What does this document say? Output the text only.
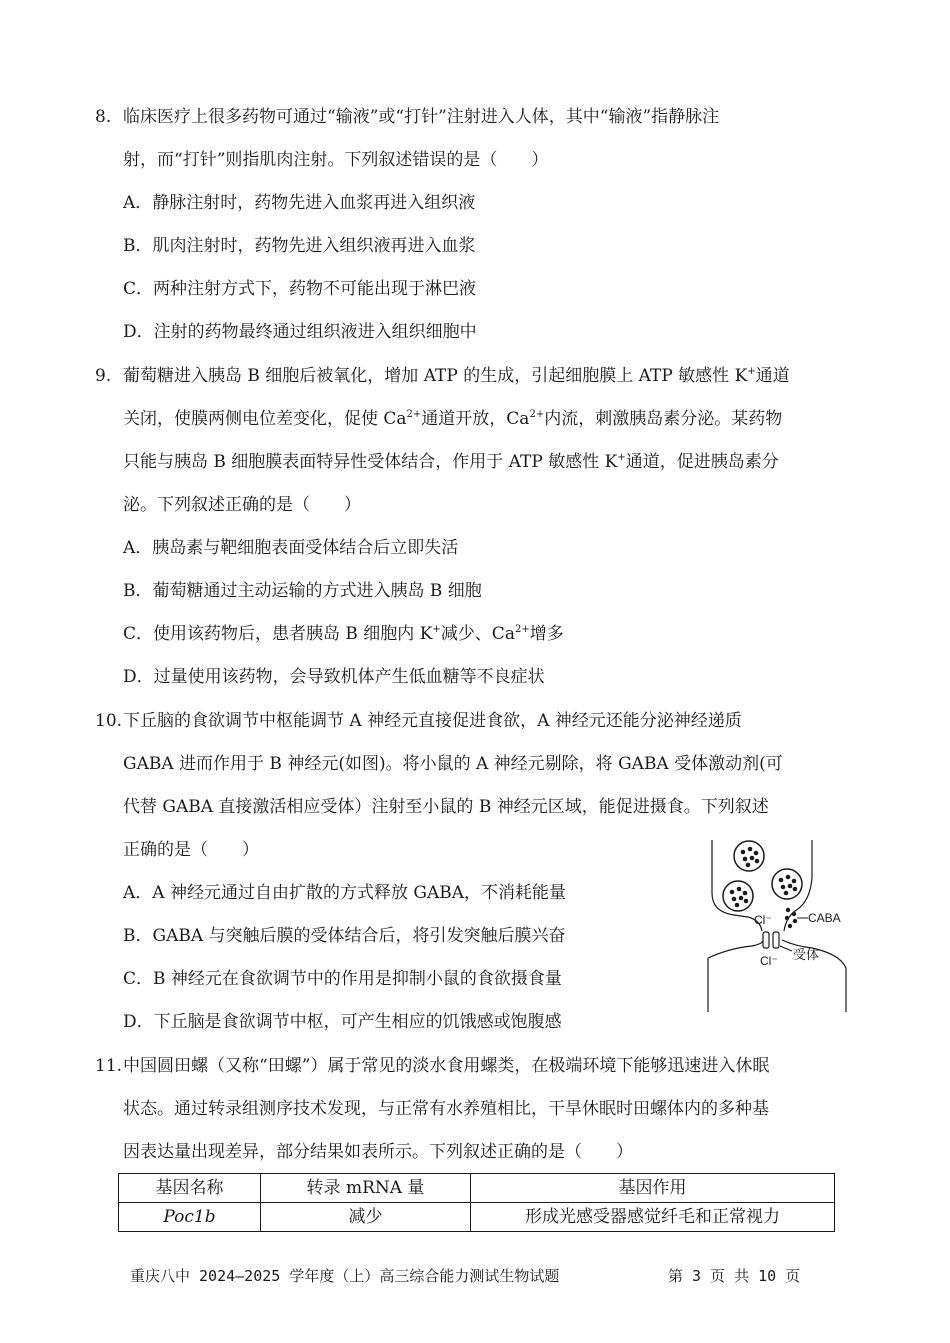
8. 临床医疗上很多药物可通过“输液”或“打针”注射进入人体，其中“输液”指静脉注
射，而“打针”则指肌肉注射。下列叙述错误的是（　　）
A．静脉注射时，药物先进入血浆再进入组织液
B．肌肉注射时，药物先进入组织液再进入血浆
C．两种注射方式下，药物不可能出现于淋巴液
D．注射的药物最终通过组织液进入组织细胞中
9. 葡萄糖进入胰岛 B 细胞后被氧化，增加 ATP 的生成，引起细胞膜上 ATP 敏感性 K+通道
关闭，使膜两侧电位差变化，促使 $Ca^{2+}$通道开放，$Ca^{2+}$内流，刺激胰岛素分泌。某药物
只能与胰岛 B 细胞膜表面特异性受体结合，作用于 ATP 敏感性 K+通道，促进胰岛素分
泌。下列叙述正确的是（　　）
A．胰岛素与靶细胞表面受体结合后立即失活
B．葡萄糖通过主动运输的方式进入胰岛 B 细胞
C．使用该药物后，患者胰岛 B 细胞内 K+减少、$Ca^{2+}$增多
D．过量使用该药物，会导致机体产生低血糖等不良症状
10. 下丘脑的食欲调节中枢能调节 A 神经元直接促进食欲，A 神经元还能分泌神经递质
GABA 进而作用于 B 神经元(如图)。将小鼠的 A 神经元剔除，将 GABA 受体激动剂(可
代替 GABA 直接激活相应受体）注射至小鼠的 B 神经元区域，能促进摄食。下列叙述
正确的是（　　）
A．A 神经元通过自由扩散的方式释放 GABA，不消耗能量
B．GABA 与突触后膜的受体结合后，将引发突触后膜兴奋
C．B 神经元在食欲调节中的作用是抑制小鼠的食欲摄食量
D．下丘脑是食欲调节中枢，可产生相应的饥饿感或饱腹感
CABA
Cl⁻
Cl⁻ 受体
11. 中国圆田螺（又称“田螺”）属于常见的淡水食用螺类，在极端环境下能够迅速进入休眠
状态。通过转录组测序技术发现，与正常有水养殖相比，干旱休眠时田螺体内的多种基
因表达量出现差异，部分结果如表所示。下列叙述正确的是（　　）
基因名称	转录 mRNA 量	基因作用
Poc1b	减少	形成光感受器感觉纤毛和正常视力
重庆八中 2024—2025 学年度（上）高三综合能力测试生物试题	第 3 页 共 10 页
